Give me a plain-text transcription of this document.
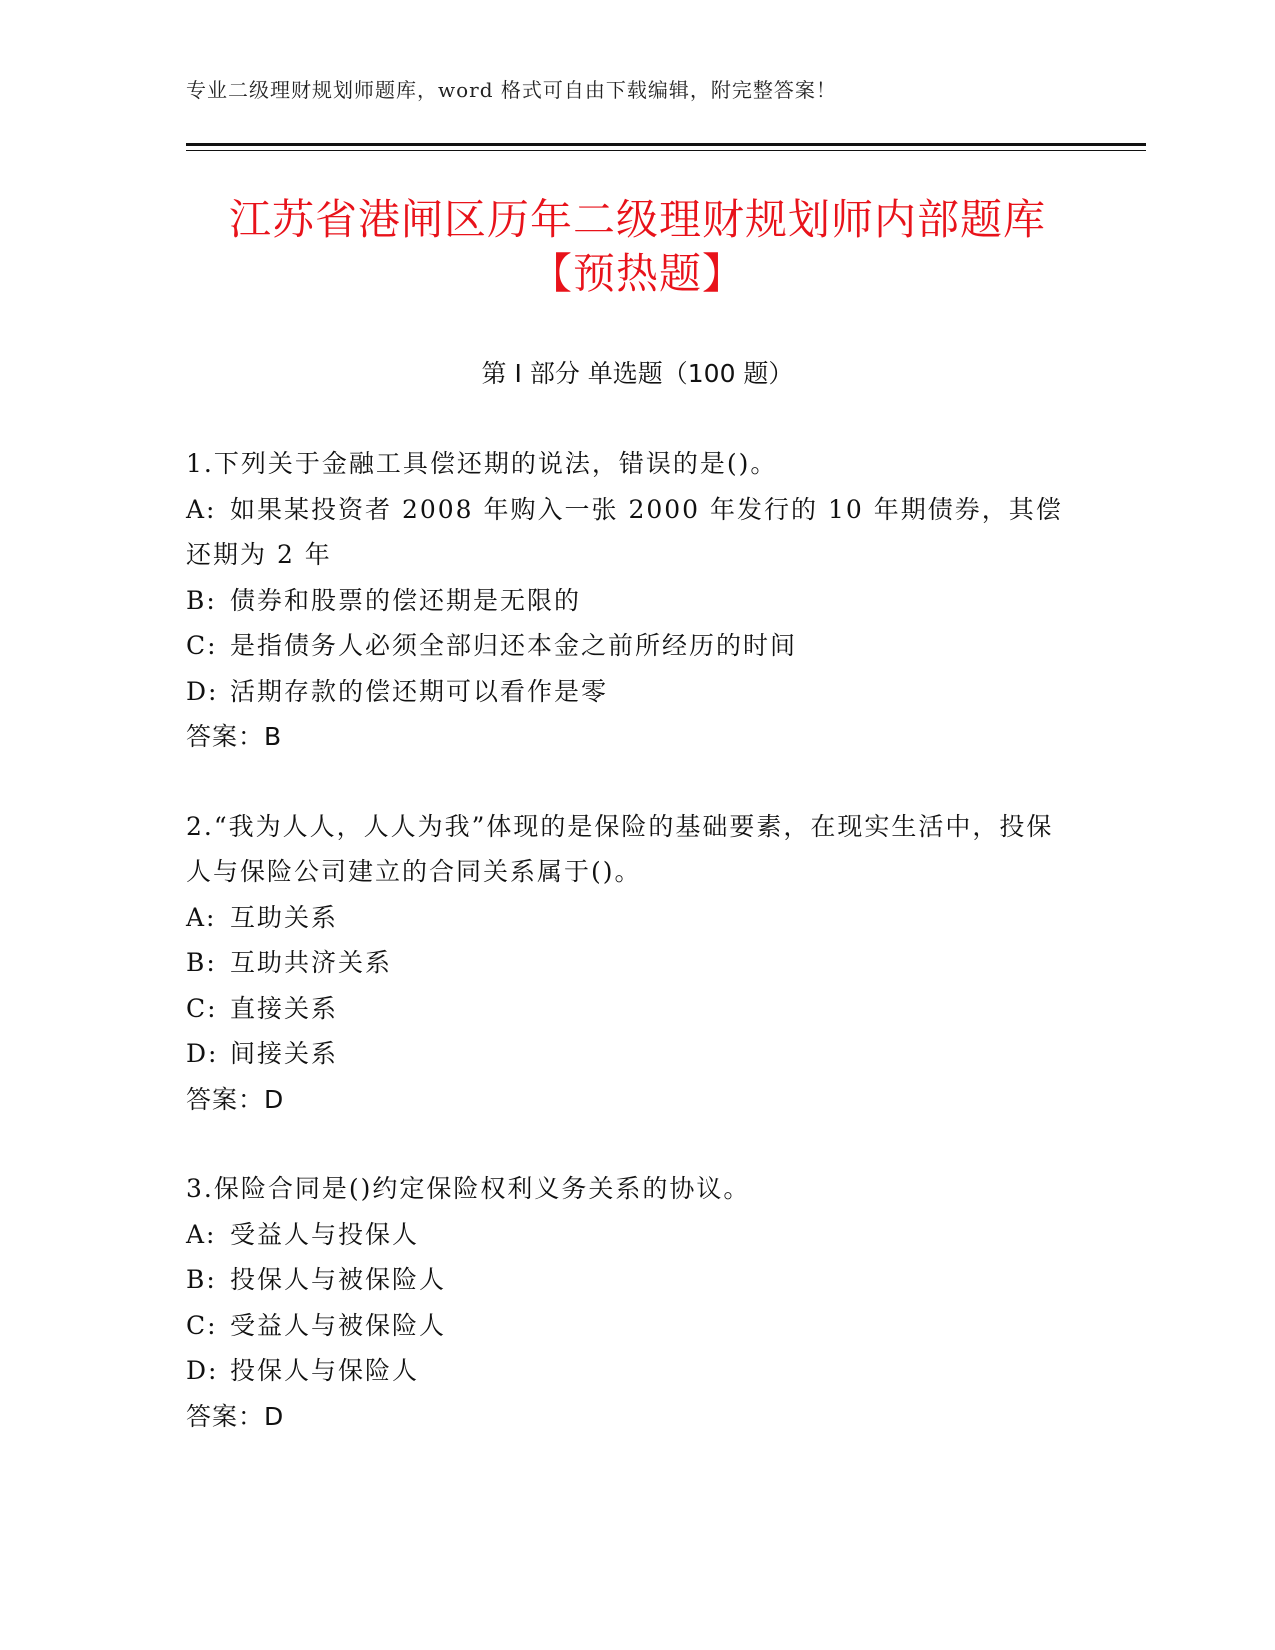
专业二级理财规划师题库，word 格式可自由下载编辑，附完整答案！
江苏省港闸区历年二级理财规划师内部题库
【预热题】
第 I 部分 单选题（100 题）
1.下列关于金融工具偿还期的说法，错误的是()。
A: 如果某投资者 2008 年购入一张 2000 年发行的 10 年期债券，其偿还期为 2 年
B: 债券和股票的偿还期是无限的
C: 是指债务人必须全部归还本金之前所经历的时间
D: 活期存款的偿还期可以看作是零
答案：B
2.“我为人人，人人为我”体现的是保险的基础要素，在现实生活中，投保人与保险公司建立的合同关系属于()。
A: 互助关系
B: 互助共济关系
C: 直接关系
D: 间接关系
答案：D
3.保险合同是()约定保险权利义务关系的协议。
A: 受益人与投保人
B: 投保人与被保险人
C: 受益人与被保险人
D: 投保人与保险人
答案：D
